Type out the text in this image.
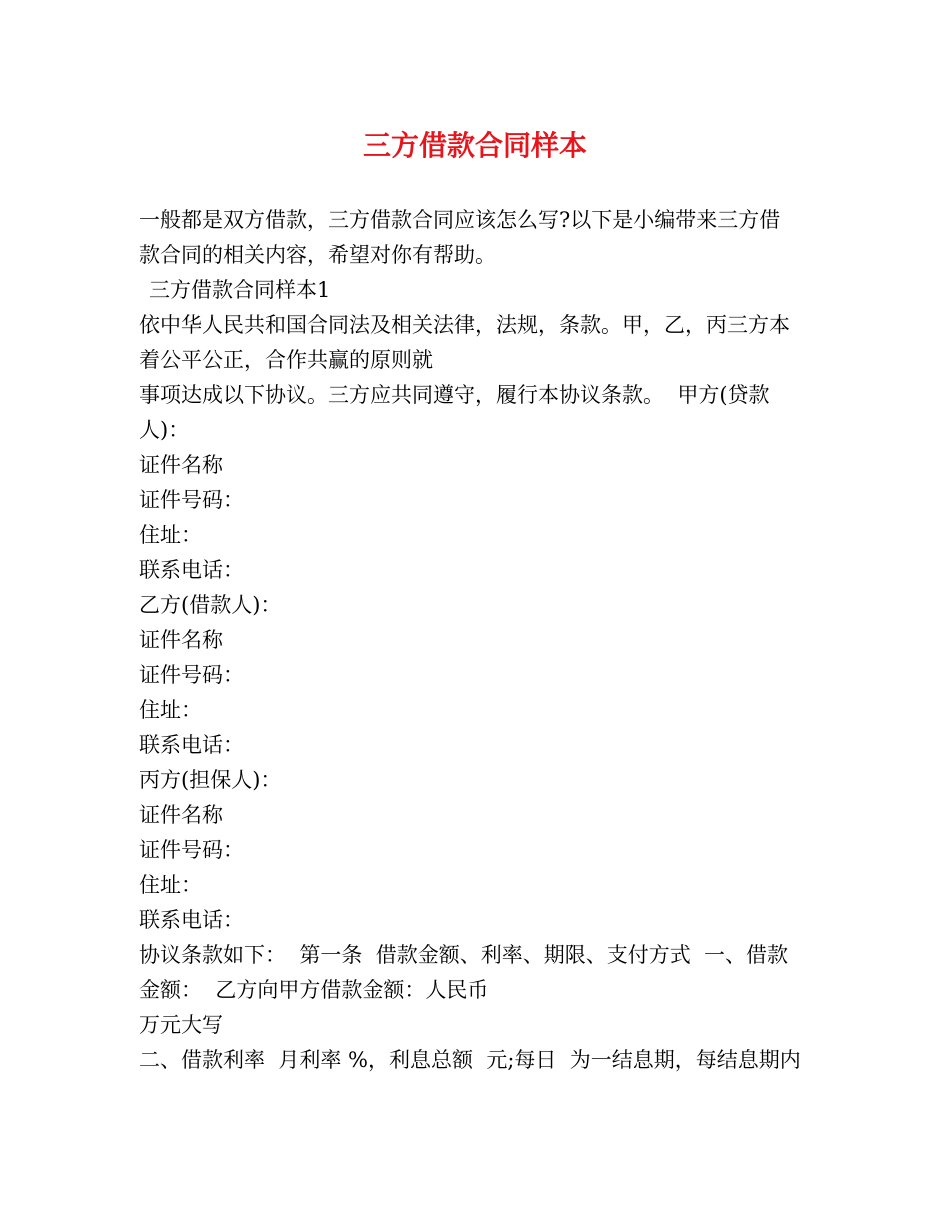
三方借款合同样本
一般都是双方借款，三方借款合同应该怎么写?以下是小编带来三方借
款合同的相关内容，希望对你有帮助。
三方借款合同样本1
依中华人民共和国合同法及相关法律，法规，条款。甲，乙，丙三方本
着公平公正，合作共赢的原则就
事项达成以下协议。三方应共同遵守，履行本协议条款。  甲方(贷款
人)：
证件名称
证件号码：
住址：
联系电话：
乙方(借款人)：
证件名称
证件号码：
住址：
联系电话：
丙方(担保人)：
证件名称
证件号码：
住址：
联系电话：
协议条款如下：  第一条  借款金额、利率、期限、支付方式  一、借款
金额：  乙方向甲方借款金额：人民币
万元大写
二、借款利率  月利率 %，利息总额  元;每日  为一结息期，每结息期内
